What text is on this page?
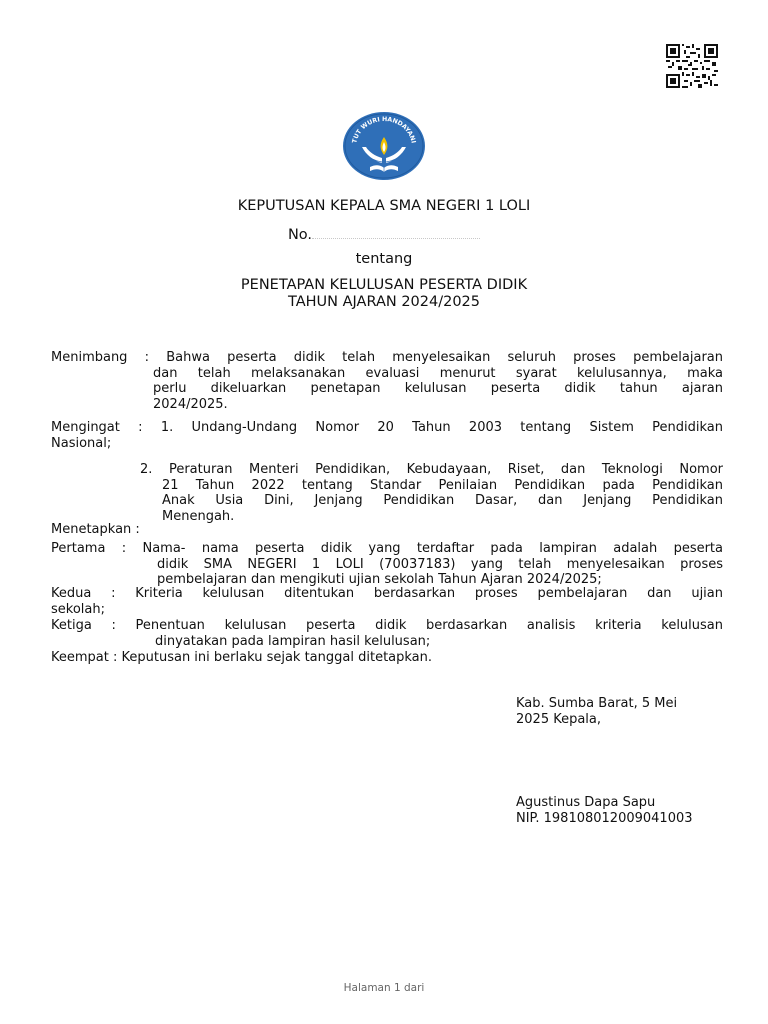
TUT WURI HANDAYANI
KEPUTUSAN KEPALA SMA NEGERI 1 LOLI
No.
tentang
PENETAPAN KELULUSAN PESERTA DIDIK
TAHUN AJARAN 2024/2025
Menimbang : Bahwa peserta didik telah menyelesaikan seluruh proses pembelajaran
dan telah melaksanakan evaluasi menurut syarat kelulusannya, maka
perlu dikeluarkan penetapan kelulusan peserta didik tahun ajaran
2024/2025.
Mengingat : 1. Undang-Undang Nomor 20 Tahun 2003 tentang Sistem Pendidikan
Nasional;
2. Peraturan Menteri Pendidikan, Kebudayaan, Riset, dan Teknologi Nomor
21 Tahun 2022 tentang Standar Penilaian Pendidikan pada Pendidikan
Anak Usia Dini, Jenjang Pendidikan Dasar, dan Jenjang Pendidikan
Menengah.
Menetapkan :
Pertama : Nama- nama peserta didik yang terdaftar pada lampiran adalah peserta
didik SMA NEGERI 1 LOLI (70037183) yang telah menyelesaikan proses
pembelajaran dan mengikuti ujian sekolah Tahun Ajaran 2024/2025;
Kedua : Kriteria kelulusan ditentukan berdasarkan proses pembelajaran dan ujian
sekolah;
Ketiga : Penentuan kelulusan peserta didik berdasarkan analisis kriteria kelulusan
dinyatakan pada lampiran hasil kelulusan;
Keempat : Keputusan ini berlaku sejak tanggal ditetapkan.
Kab. Sumba Barat, 5 Mei
2025 Kepala,
Agustinus Dapa Sapu
NIP. 198108012009041003
Halaman 1 dari
